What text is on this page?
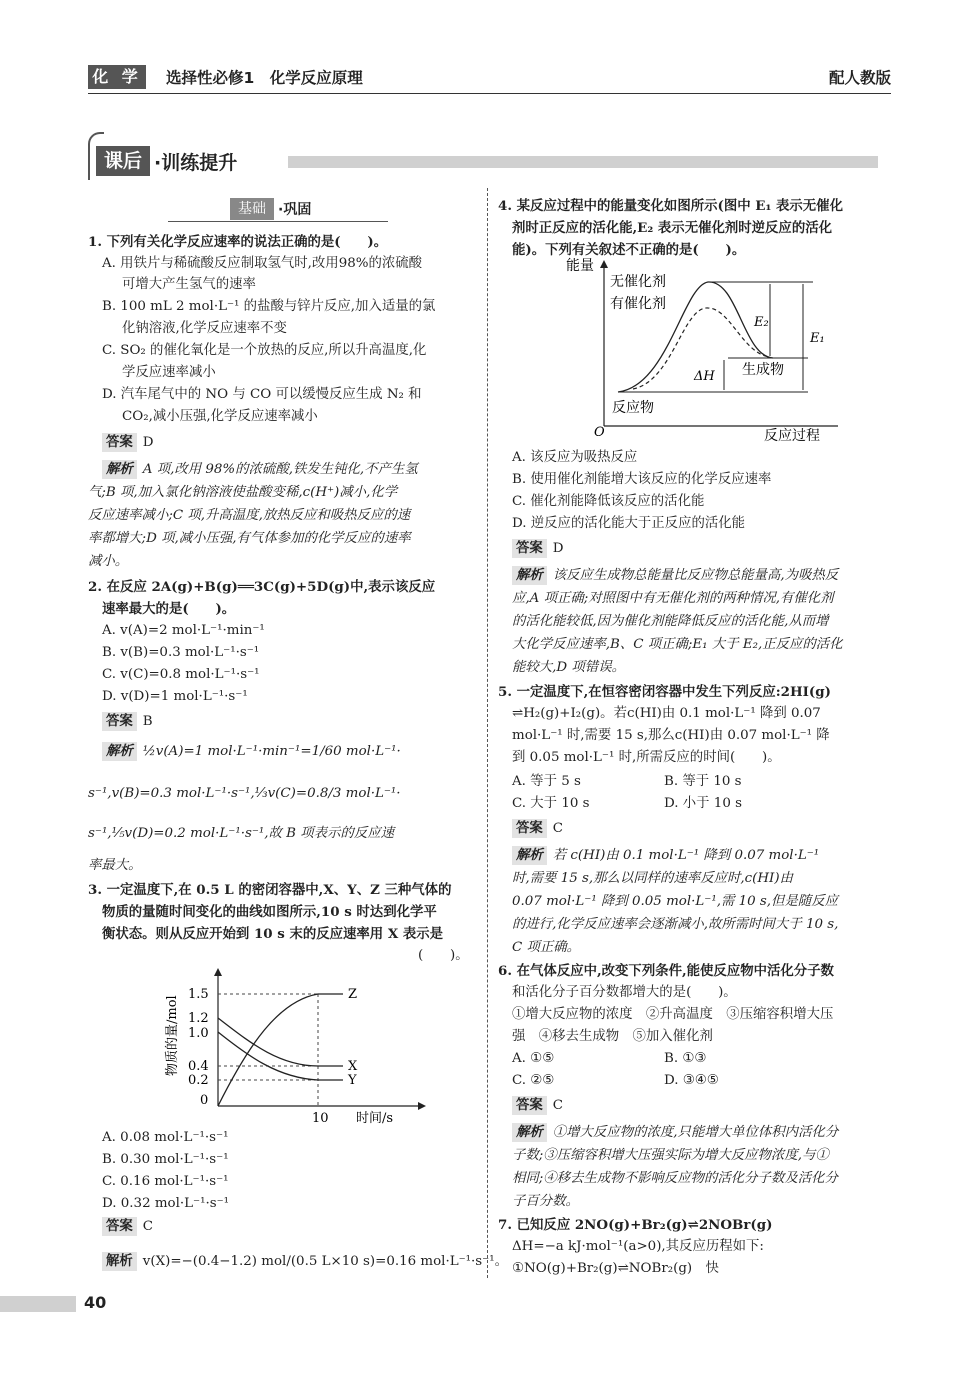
化 学 选择性必修1　化学反应原理	配人教版
课后 ·训练提升
基础 ·巩固
1. 下列有关化学反应速率的说法正确的是(　　)。
A. 用铁片与稀硫酸反应制取氢气时,改用98%的浓硫酸
可增大产生氢气的速率
B. 100 mL 2 mol·L⁻¹ 的盐酸与锌片反应,加入适量的氯
化钠溶液,化学反应速率不变
C. SO₂ 的催化氧化是一个放热的反应,所以升高温度,化
学反应速率减小
D. 汽车尾气中的 NO 与 CO 可以缓慢反应生成 N₂ 和
CO₂,减小压强,化学反应速率减小
答案 D
解析 A 项,改用 98%的浓硫酸,铁发生钝化,不产生氢
气;B 项,加入氯化钠溶液使盐酸变稀,c(H⁺)减小,化学
反应速率减小;C 项,升高温度,放热反应和吸热反应的速
率都增大;D 项,减小压强,有气体参加的化学反应的速率
减小。
2. 在反应 2A(g)+B(g)══3C(g)+5D(g)中,表示该反应
速率最大的是(　　)。
A. v(A)=2 mol·L⁻¹·min⁻¹
B. v(B)=0.3 mol·L⁻¹·s⁻¹
C. v(C)=0.8 mol·L⁻¹·s⁻¹
D. v(D)=1 mol·L⁻¹·s⁻¹
答案 B
解析 ½v(A)=1 mol·L⁻¹·min⁻¹=1/60 mol·L⁻¹·
s⁻¹,v(B)=0.3 mol·L⁻¹·s⁻¹,⅓v(C)=0.8/3 mol·L⁻¹·
s⁻¹,⅕v(D)=0.2 mol·L⁻¹·s⁻¹,故 B 项表示的反应速
率最大。
3. 一定温度下,在 0.5 L 的密闭容器中,X、Y、Z 三种气体的
物质的量随时间变化的曲线如图所示,10 s 时达到化学平
衡状态。则从反应开始到 10 s 末的反应速率用 X 表示是
(　　)。
物质的量/mol
时间/s
1.5
1.2
1.0
0.4
0.2
0
10
Z
X
Y
A. 0.08 mol·L⁻¹·s⁻¹
B. 0.30 mol·L⁻¹·s⁻¹
C. 0.16 mol·L⁻¹·s⁻¹
D. 0.32 mol·L⁻¹·s⁻¹
答案 C
解析 v(X)=−(0.4−1.2) mol/(0.5 L×10 s)=0.16 mol·L⁻¹·s⁻¹。
4. 某反应过程中的能量变化如图所示(图中 E₁ 表示无催化
剂时正反应的活化能,E₂ 表示无催化剂时逆反应的活化
能)。下列有关叙述不正确的是(　　)。
能量
O	反应过程
无催化剂
有催化剂
E₂
E₁
ΔH 生成物
反应物
A. 该反应为吸热反应
B. 使用催化剂能增大该反应的化学反应速率
C. 催化剂能降低该反应的活化能
D. 逆反应的活化能大于正反应的活化能
答案 D
解析 该反应生成物总能量比反应物总能量高,为吸热反
应,A 项正确;对照图中有无催化剂的两种情况,有催化剂
的活化能较低,因为催化剂能降低反应的活化能,从而增
大化学反应速率,B、C 项正确;E₁ 大于 E₂,正反应的活化
能较大,D 项错误。
5. 一定温度下,在恒容密闭容器中发生下列反应:2HI(g)
⇌H₂(g)+I₂(g)。若c(HI)由 0.1 mol·L⁻¹ 降到 0.07
mol·L⁻¹ 时,需要 15 s,那么c(HI)由 0.07 mol·L⁻¹ 降
到 0.05 mol·L⁻¹ 时,所需反应的时间(　　)。
A. 等于 5 s	B. 等于 10 s
C. 大于 10 s	D. 小于 10 s
答案 C
解析 若 c(HI)由 0.1 mol·L⁻¹ 降到 0.07 mol·L⁻¹
时,需要 15 s,那么以同样的速率反应时,c(HI)由
0.07 mol·L⁻¹ 降到 0.05 mol·L⁻¹,需 10 s,但是随反应
的进行,化学反应速率会逐渐减小,故所需时间大于 10 s,
C 项正确。
6. 在气体反应中,改变下列条件,能使反应物中活化分子数
和活化分子百分数都增大的是(　　)。
①增大反应物的浓度　②升高温度　③压缩容积增大压
强　④移去生成物　⑤加入催化剂
A. ①⑤	B. ①③
C. ②⑤	D. ③④⑤
答案 C
解析 ①增大反应物的浓度,只能增大单位体积内活化分
子数;③压缩容积增大压强实际为增大反应物浓度,与①
相同;④移去生成物不影响反应物的活化分子数及活化分
子百分数。
7. 已知反应 2NO(g)+Br₂(g)⇌2NOBr(g)
ΔH=−a kJ·mol⁻¹(a>0),其反应历程如下:
①NO(g)+Br₂(g)⇌NOBr₂(g)　快
40
